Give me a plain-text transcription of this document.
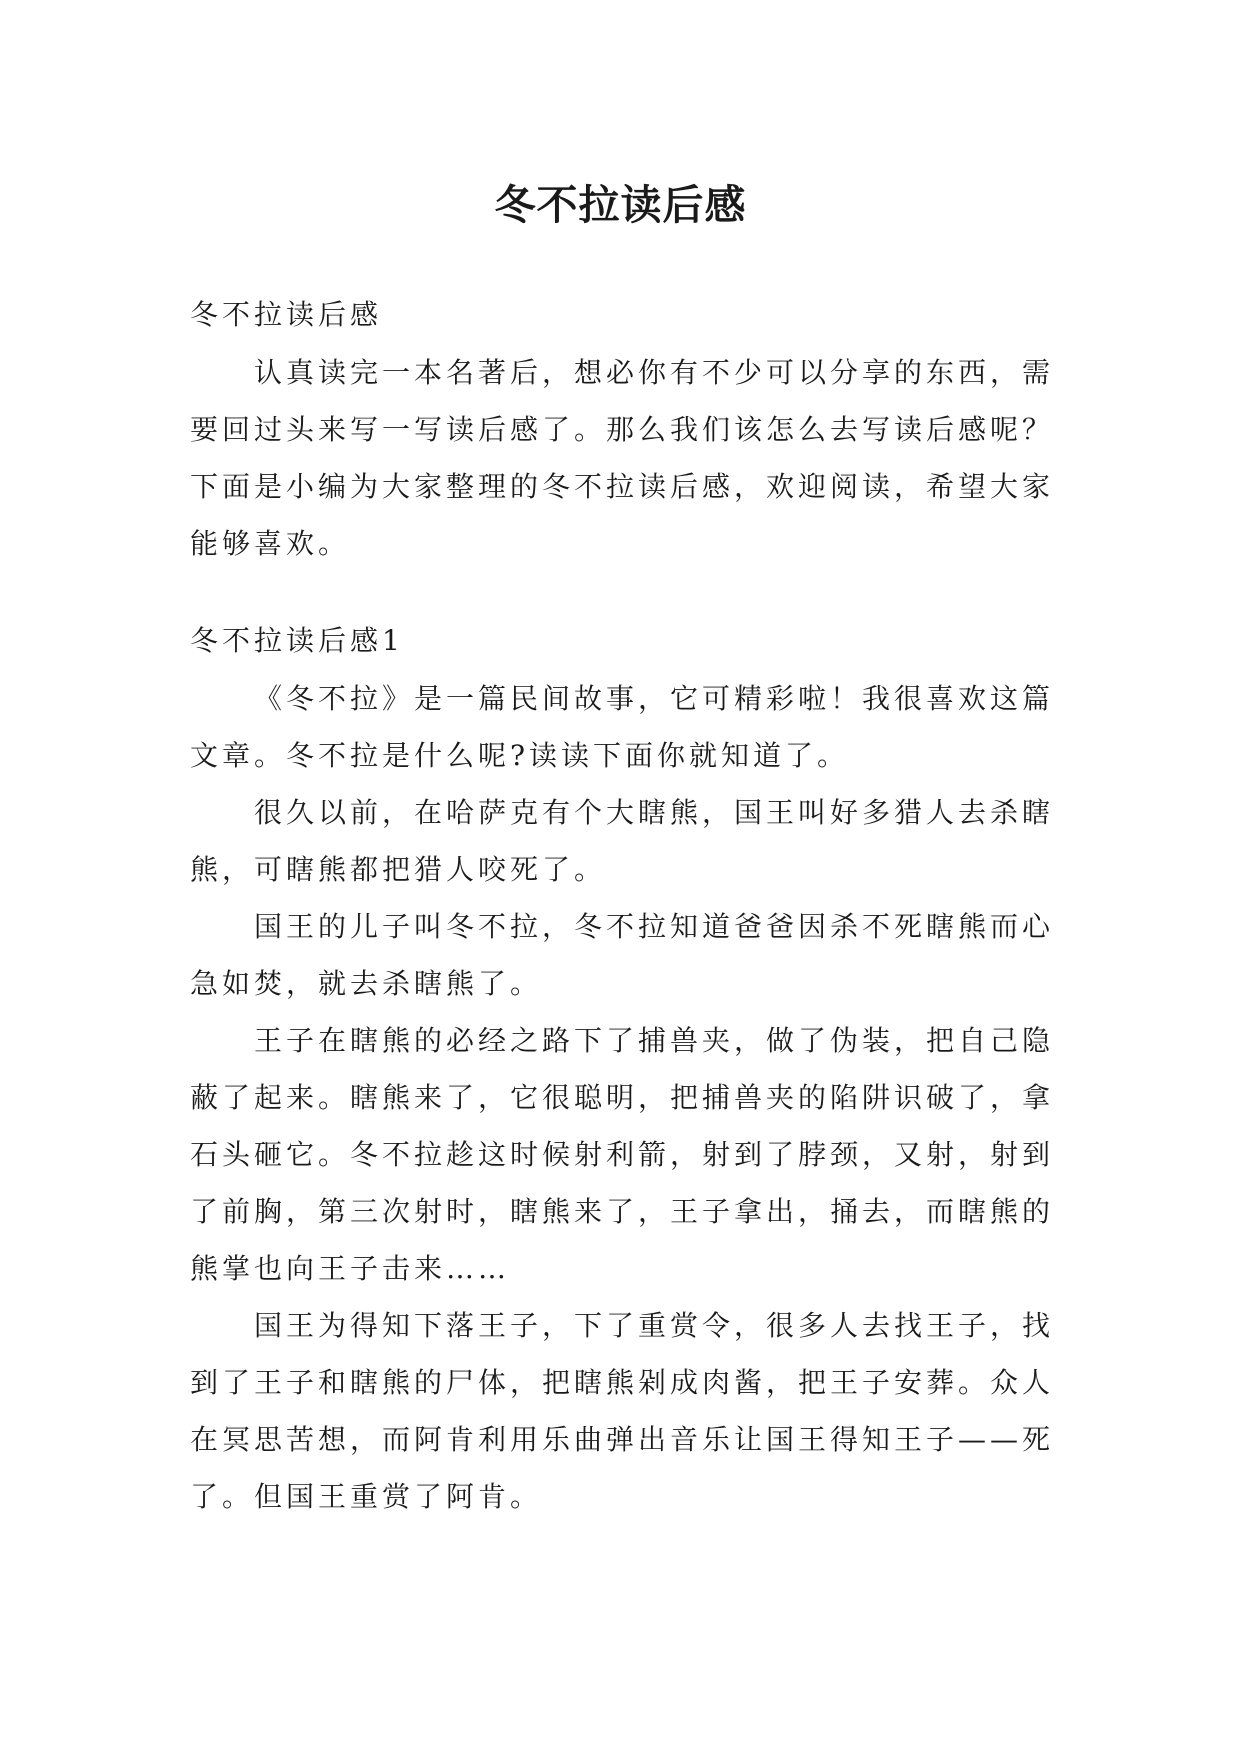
冬不拉读后感

冬不拉读后感

认真读完一本名著后，想必你有不少可以分享的东西，需要回过头来写一写读后感了。那么我们该怎么去写读后感呢？下面是小编为大家整理的冬不拉读后感，欢迎阅读，希望大家能够喜欢。

冬不拉读后感1

《冬不拉》是一篇民间故事，它可精彩啦！我很喜欢这篇文章。冬不拉是什么呢?读读下面你就知道了。

很久以前，在哈萨克有个大瞎熊，国王叫好多猎人去杀瞎熊，可瞎熊都把猎人咬死了。

国王的儿子叫冬不拉，冬不拉知道爸爸因杀不死瞎熊而心急如焚，就去杀瞎熊了。

王子在瞎熊的必经之路下了捕兽夹，做了伪装，把自己隐蔽了起来。瞎熊来了，它很聪明，把捕兽夹的陷阱识破了，拿石头砸它。冬不拉趁这时候射利箭，射到了脖颈，又射，射到了前胸，第三次射时，瞎熊来了，王子拿出，捅去，而瞎熊的熊掌也向王子击来……

国王为得知下落王子，下了重赏令，很多人去找王子，找到了王子和瞎熊的尸体，把瞎熊剁成肉酱，把王子安葬。众人在冥思苦想，而阿肯利用乐曲弹出音乐让国王得知王子——死了。但国王重赏了阿肯。
